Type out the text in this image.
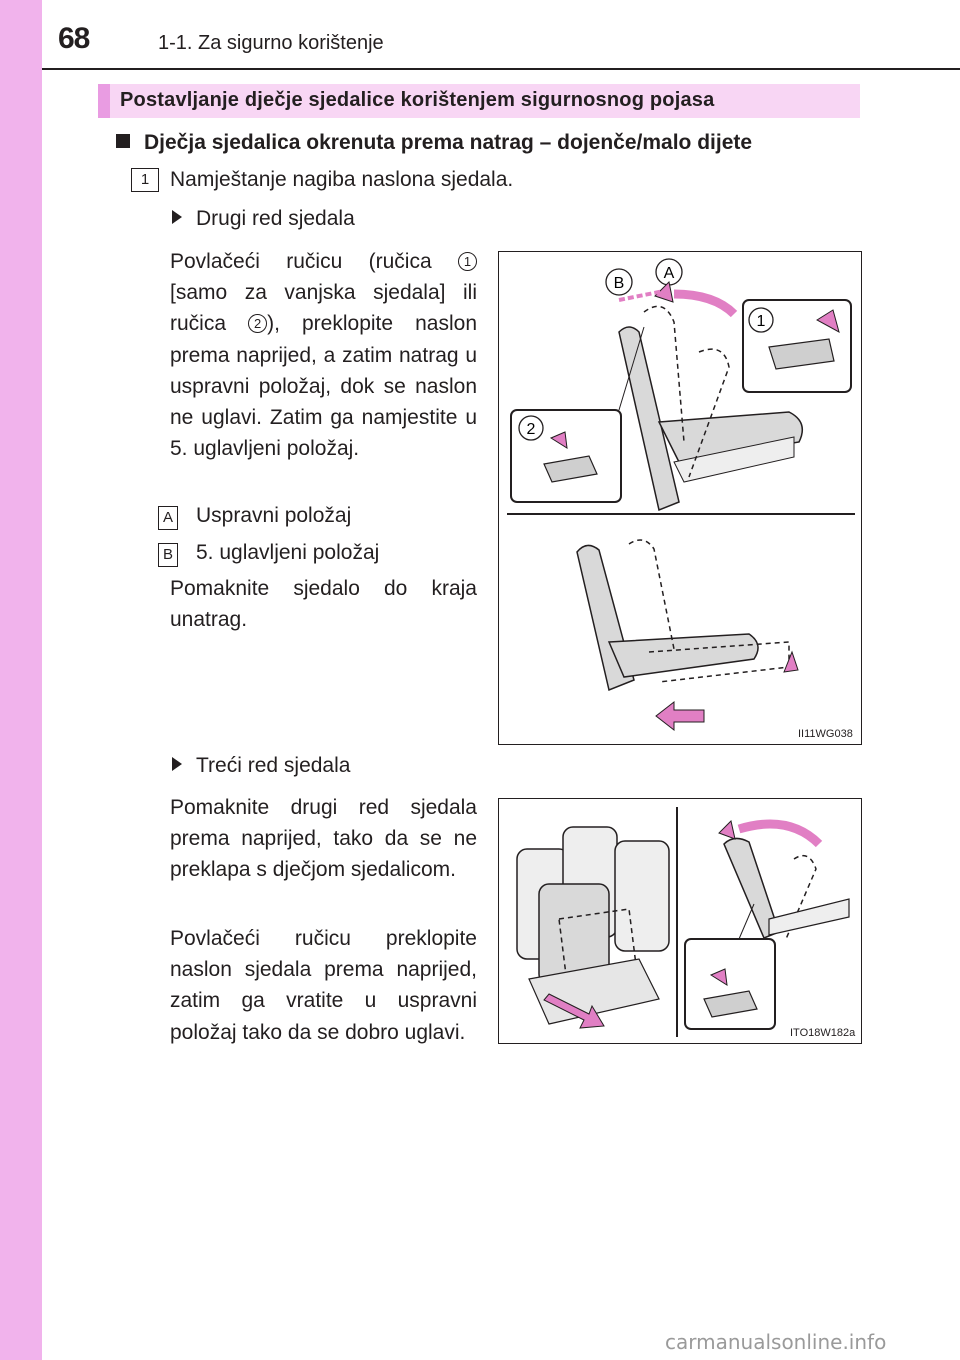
68	1-1. Za sigurno korištenje
Postavljanje dječje sjedalice korištenjem sigurnosnog pojasa
Dječja sjedalica okrenuta prema natrag – dojenče/malo dijete
1 Namještanje nagiba naslona sjedala.
Drugi red sjedala
Povlačeći ručicu (ručica 1 [samo za vanjska sjedala] ili ručica 2 ), preklopite naslon prema naprijed, a zatim natrag u uspravni položaj, dok se naslon ne uglavi. Zatim ga namjestite u 5. uglavljeni položaj.
A Uspravni položaj
B 5. uglavljeni položaj
Pomaknite sjedalo do kraja unatrag.
Treći red sjedala
Pomaknite drugi red sjedala prema naprijed, tako da se ne preklapa s dječjom sjedalicom.
Povlačeći ručicu preklopite naslon sjedala prema naprijed, zatim ga vratite u uspravni položaj tako da se dobro uglavi.
B
A
1
2
II11WG038
ITO18W182a
carmanualsonline.info
